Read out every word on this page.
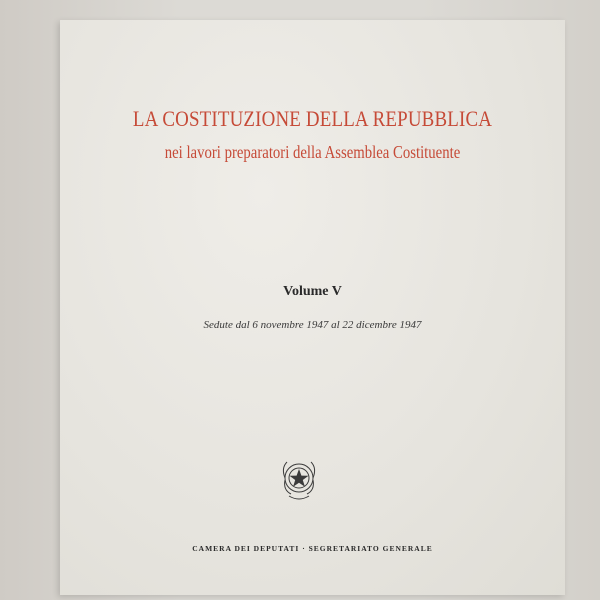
LA COSTITUZIONE DELLA REPUBBLICA
nei lavori preparatori della Assemblea Costituente
Volume V
Sedute dal 6 novembre 1947 al 22 dicembre 1947
CAMERA DEI DEPUTATI · SEGRETARIATO GENERALE
